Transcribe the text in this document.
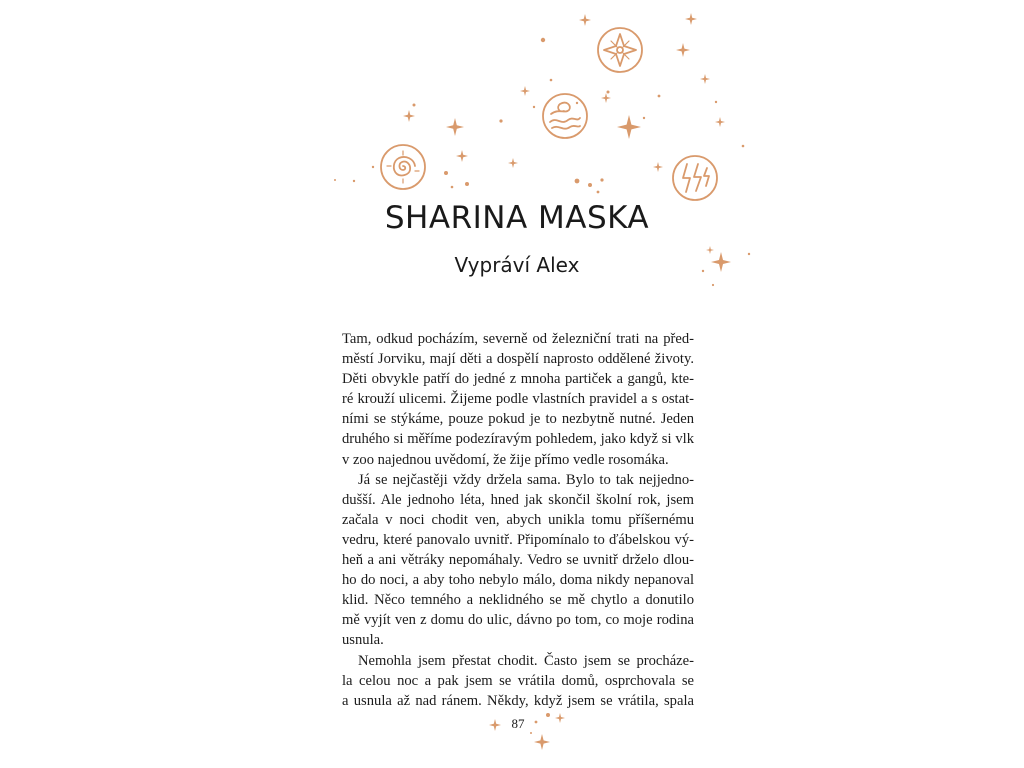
SHARINA MASKA
Vypráví Alex
Tam, odkud pocházím, severně od železniční trati na před-
městí Jorviku, mají děti a dospělí naprosto oddělené životy.
Děti obvykle patří do jedné z mnoha partiček a gangů, kte-
ré krouží ulicemi. Žijeme podle vlastních pravidel a s ostat-
ními se stýkáme, pouze pokud je to nezbytně nutné. Jeden
druhého si měříme podezíravým pohledem, jako když si vlk
v zoo najednou uvědomí, že žije přímo vedle rosomáka.
Já se nejčastěji vždy držela sama. Bylo to tak nejjedno-
dušší. Ale jednoho léta, hned jak skončil školní rok, jsem
začala v noci chodit ven, abych unikla tomu příšernému
vedru, které panovalo uvnitř. Připomínalo to ďábelskou vý-
heň a ani větráky nepomáhaly. Vedro se uvnitř drželo dlou-
ho do noci, a aby toho nebylo málo, doma nikdy nepanoval
klid. Něco temného a neklidného se mě chytlo a donutilo
mě vyjít ven z domu do ulic, dávno po tom, co moje rodina
usnula.
Nemohla jsem přestat chodit. Často jsem se procháze-
la celou noc a pak jsem se vrátila domů, osprchovala se
a usnula až nad ránem. Někdy, když jsem se vrátila, spala
87
